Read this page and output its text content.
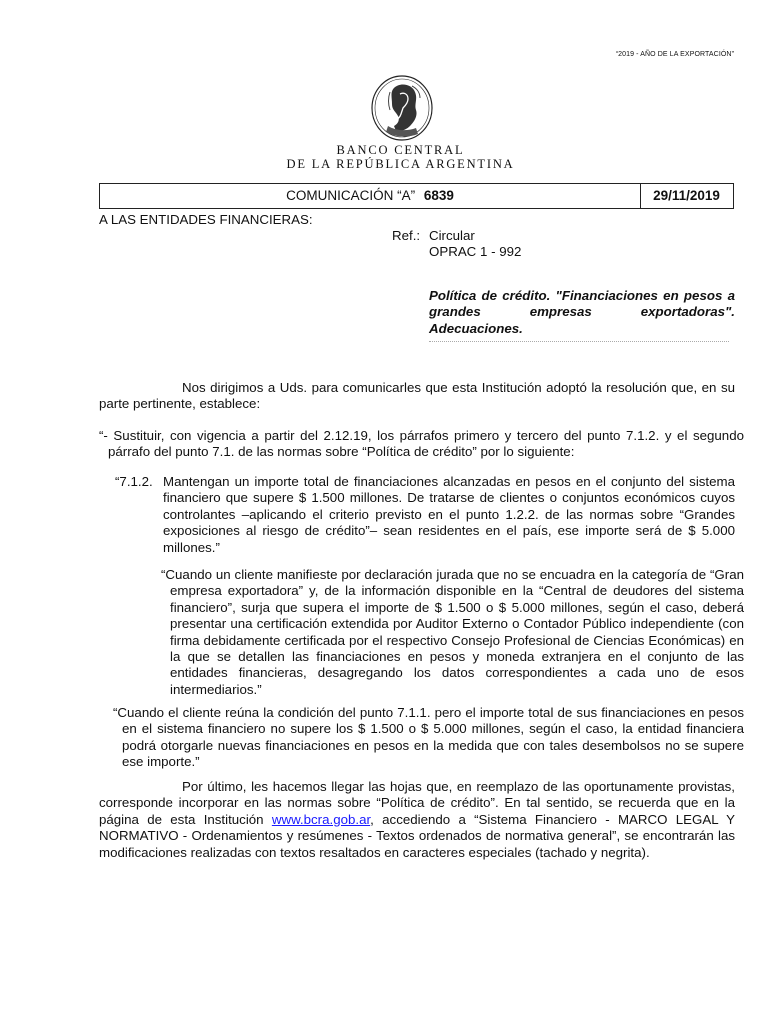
“2019 - AÑO DE LA EXPORTACIÓN”
BANCO CENTRAL
DE LA REPÚBLICA ARGENTINA
COMUNICACIÓN “A” 6839	29/11/2019
A LAS ENTIDADES FINANCIERAS:
Ref.: Circular
OPRAC 1 - 992
Política de crédito. "Financiaciones en pesos a grandes empresas exportadoras". Adecuaciones.
Nos dirigimos a Uds. para comunicarles que esta Institución adoptó la resolución que, en su parte pertinente, establece:
“- Sustituir, con vigencia a partir del 2.12.19, los párrafos primero y tercero del punto 7.1.2. y el segundo párrafo del punto 7.1. de las normas sobre “Política de crédito” por lo siguiente:
“7.1.2. Mantengan un importe total de financiaciones alcanzadas en pesos en el conjunto del sistema financiero que supere $ 1.500 millones. De tratarse de clientes o conjuntos económicos cuyos controlantes –aplicando el criterio previsto en el punto 1.2.2. de las normas sobre “Grandes exposiciones al riesgo de crédito”– sean residentes en el país, ese importe será de $ 5.000 millones.”
“Cuando un cliente manifieste por declaración jurada que no se encuadra en la categoría de “Gran empresa exportadora” y, de la información disponible en la “Central de deudores del sistema financiero”, surja que supera el importe de $ 1.500 o $ 5.000 millones, según el caso, deberá presentar una certificación extendida por Auditor Externo o Contador Público independiente (con firma debidamente certificada por el respectivo Consejo Profesional de Ciencias Económicas) en la que se detallen las financiaciones en pesos y moneda extranjera en el conjunto de las entidades financieras, desagregando los datos correspondientes a cada uno de esos intermediarios.”
“Cuando el cliente reúna la condición del punto 7.1.1. pero el importe total de sus financiaciones en pesos en el sistema financiero no supere los $ 1.500 o $ 5.000 millones, según el caso, la entidad financiera podrá otorgarle nuevas financiaciones en pesos en la medida que con tales desembolsos no se supere ese importe.”
Por último, les hacemos llegar las hojas que, en reemplazo de las oportunamente provistas, corresponde incorporar en las normas sobre “Política de crédito”. En tal sentido, se recuerda que en la página de esta Institución www.bcra.gob.ar, accediendo a “Sistema Financiero - MARCO LEGAL Y NORMATIVO - Ordenamientos y resúmenes - Textos ordenados de normativa general”, se encontrarán las modificaciones realizadas con textos resaltados en caracteres especiales (tachado y negrita).
